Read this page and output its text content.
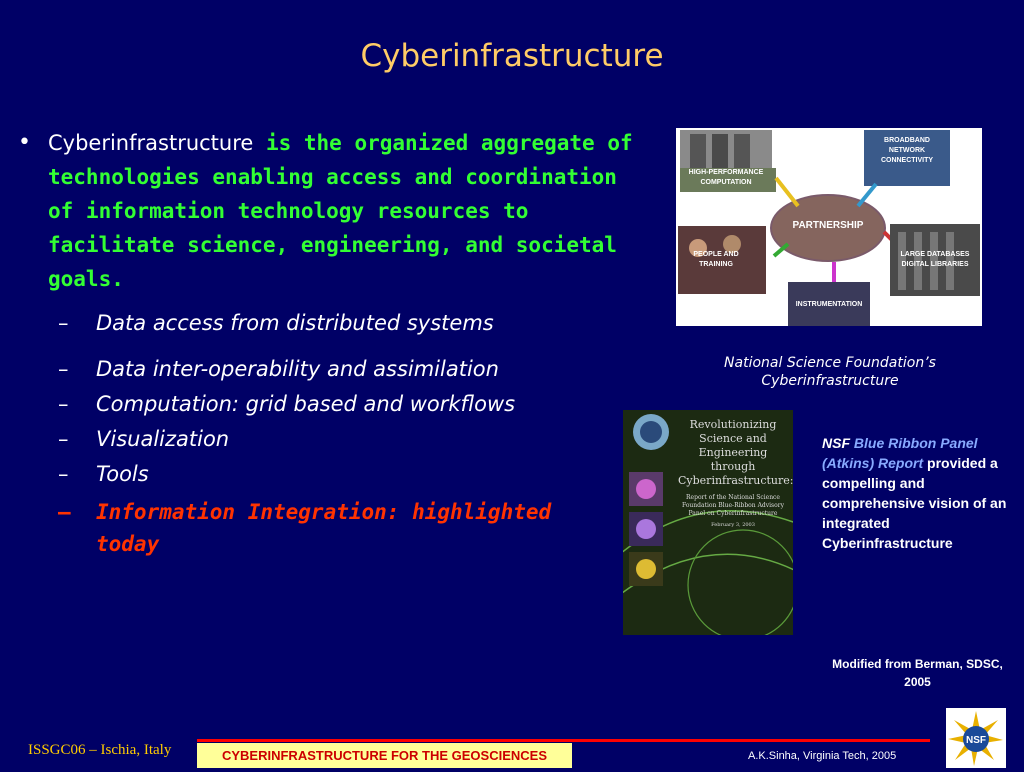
Cyberinfrastructure
• Cyberinfrastructure is the organized aggregate of technologies enabling access and coordination of information technology resources to facilitate science, engineering, and societal goals.
–	Data access from distributed systems
–	Data inter-operability and assimilation
–	Computation: grid based and workflows
–	Visualization
–	Tools
–	Information Integration: highlighted today
HIGH-PERFORMANCE
COMPUTATION
BROADBAND
NETWORK
CONNECTIVITY
PARTNERSHIP
PEOPLE AND
TRAINING
LARGE DATABASES
DIGITAL LIBRARIES
INSTRUMENTATION
National Science Foundation’s Cyberinfrastructure
Revolutionizing Science and Engineering through Cyberinfrastructure:
Report of the National Science Foundation Blue-Ribbon Advisory Panel on Cyberinfrastructure
February 3, 2003
NSF Blue Ribbon Panel (Atkins) Report provided a compelling and comprehensive vision of an integrated Cyberinfrastructure
Modified from Berman, SDSC, 2005
ISSGC06 – Ischia, Italy	CYBERINFRASTRUCTURE FOR THE GEOSCIENCES	A.K.Sinha, Virginia Tech, 2005
NSF
